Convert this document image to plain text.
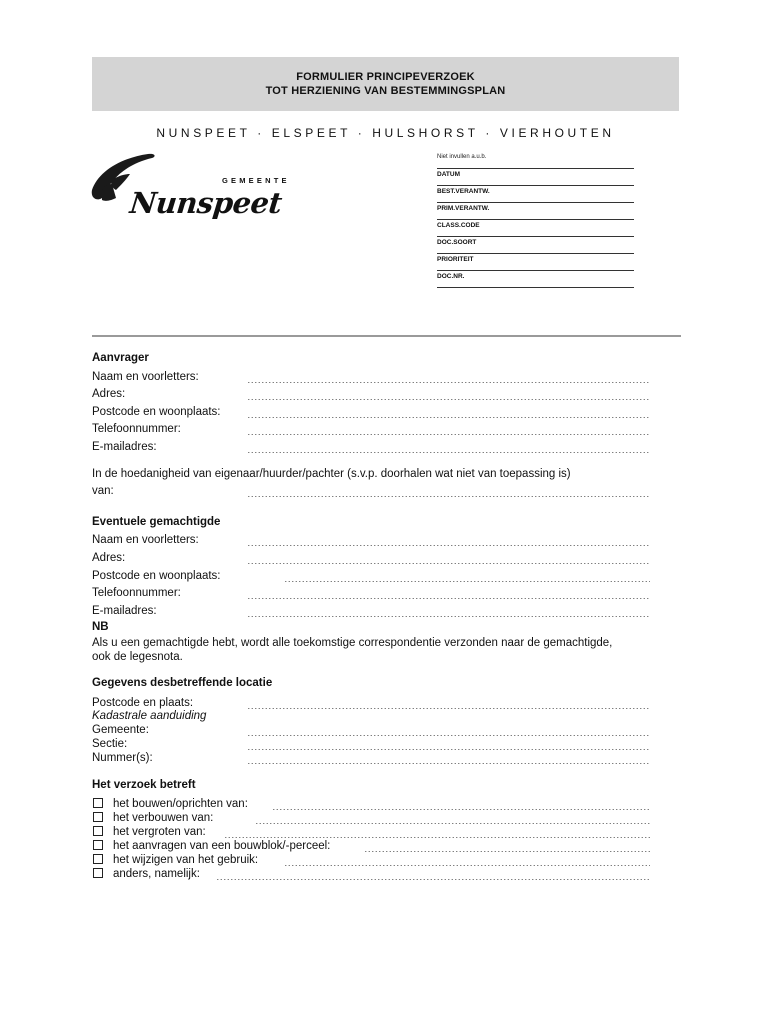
FORMULIER PRINCIPEVERZOEK
TOT HERZIENING VAN BESTEMMINGSPLAN
NUNSPEET · ELSPEET · HULSHORST · VIERHOUTEN
GEMEENTE
Nunspeet
Niet invullen a.u.b.
DATUM
BEST.VERANTW.
PRIM.VERANTW.
CLASS.CODE
DOC.SOORT
PRIORITEIT
DOC.NR.
Aanvrager
Naam en voorletters:
Adres:
Postcode en woonplaats:
Telefoonnummer:
E-mailadres:
In de hoedanigheid van eigenaar/huurder/pachter (s.v.p. doorhalen wat niet van toepassing is)
van:
Eventuele gemachtigde
Naam en voorletters:
Adres:
Postcode en woonplaats:
Telefoonnummer:
E-mailadres:
NB
Als u een gemachtigde hebt, wordt alle toekomstige correspondentie verzonden naar de gemachtigde,
ook de legesnota.
Gegevens desbetreffende locatie
Postcode en plaats:
Kadastrale aanduiding
Gemeente:
Sectie:
Nummer(s):
Het verzoek betreft
het bouwen/oprichten van:
het verbouwen van:
het vergroten van:
het aanvragen van een bouwblok/-perceel:
het wijzigen van het gebruik:
anders, namelijk:
